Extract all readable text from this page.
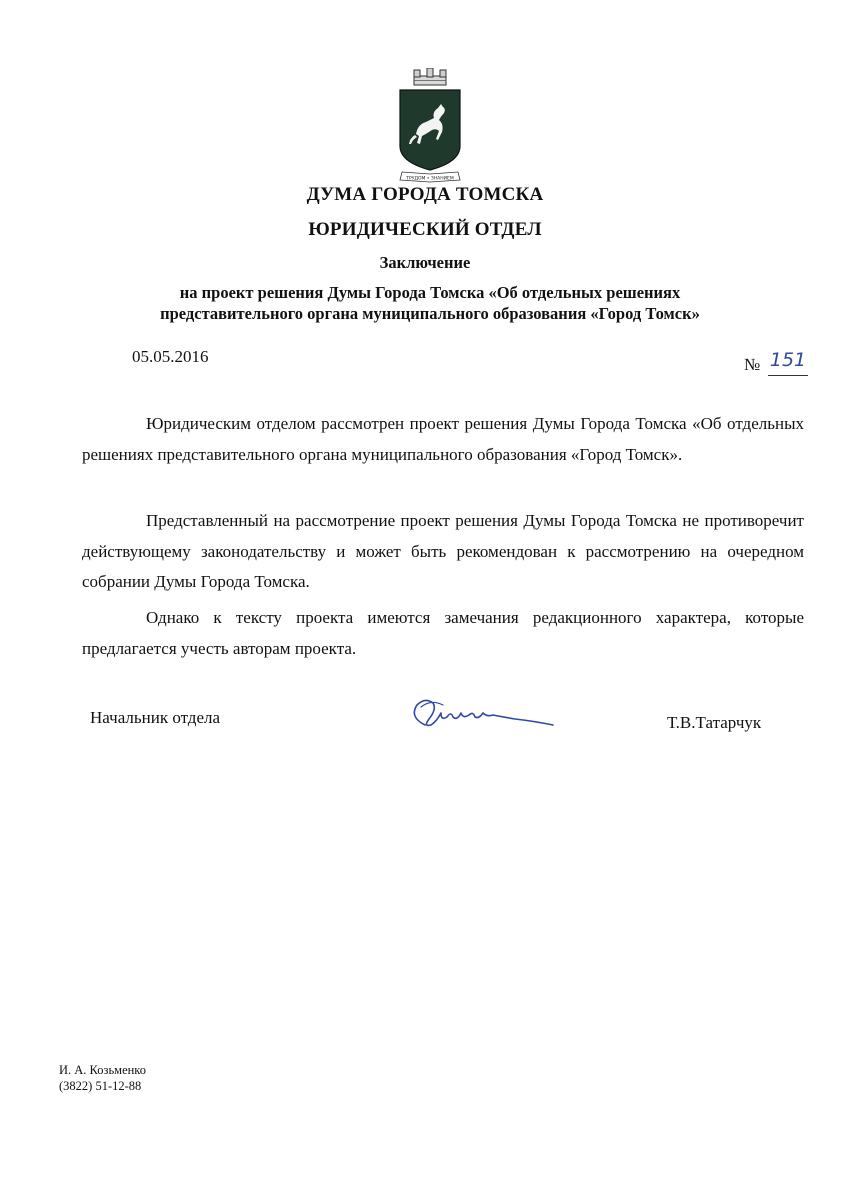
ТРУДОМ • ЗНАНИЕМ
ДУМА ГОРОДА ТОМСКА
ЮРИДИЧЕСКИЙ ОТДЕЛ
Заключение
на проект решения Думы Города Томска «Об отдельных решениях
представительного органа муниципального образования «Город Томск»
05.05.2016	№ 151

Юридическим отделом рассмотрен проект решения Думы Города Томска «Об отдельных решениях представительного органа муниципального образования «Город Томск».

Представленный на рассмотрение проект решения Думы Города Томска не противоречит действующему законодательству и может быть рекомендован к рассмотрению на очередном собрании Думы Города Томска.

Однако к тексту проекта имеются замечания редакционного характера, которые предлагается учесть авторам проекта.

Начальник отдела	Т.В.Татарчук
И. А. Козьменко
(3822) 51-12-88
